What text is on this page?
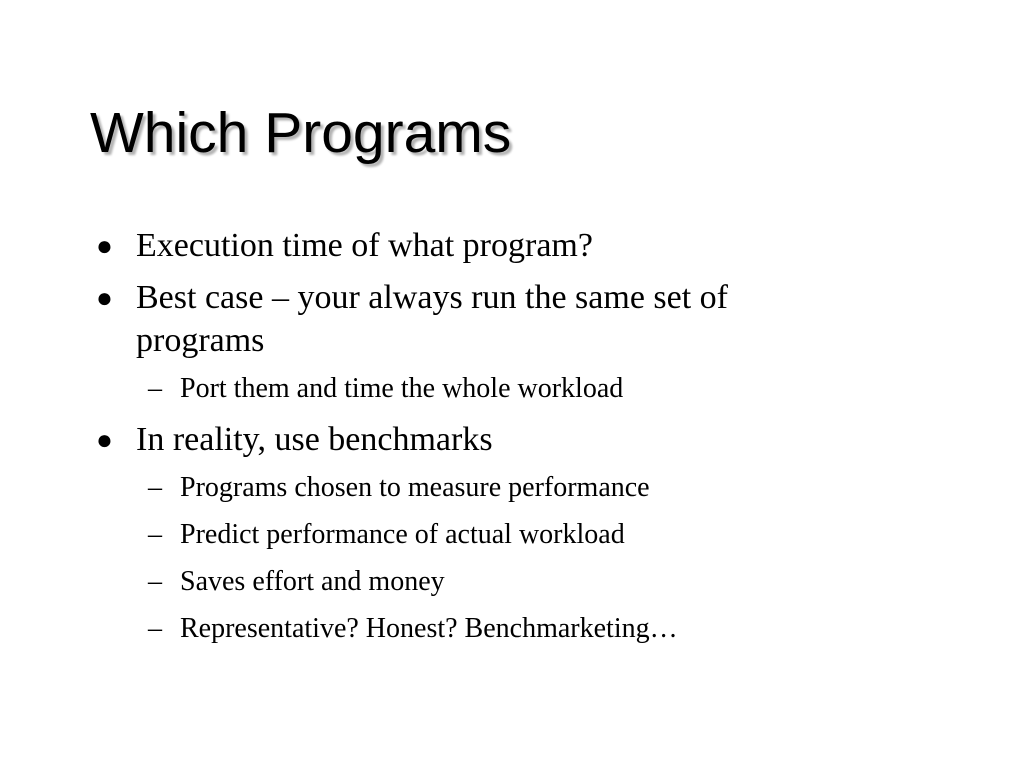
Which Programs
● Execution time of what program?
● Best case – your always run the same set of programs
– Port them and time the whole workload
● In reality, use benchmarks
– Programs chosen to measure performance
– Predict performance of actual workload
– Saves effort and money
– Representative? Honest? Benchmarketing…
